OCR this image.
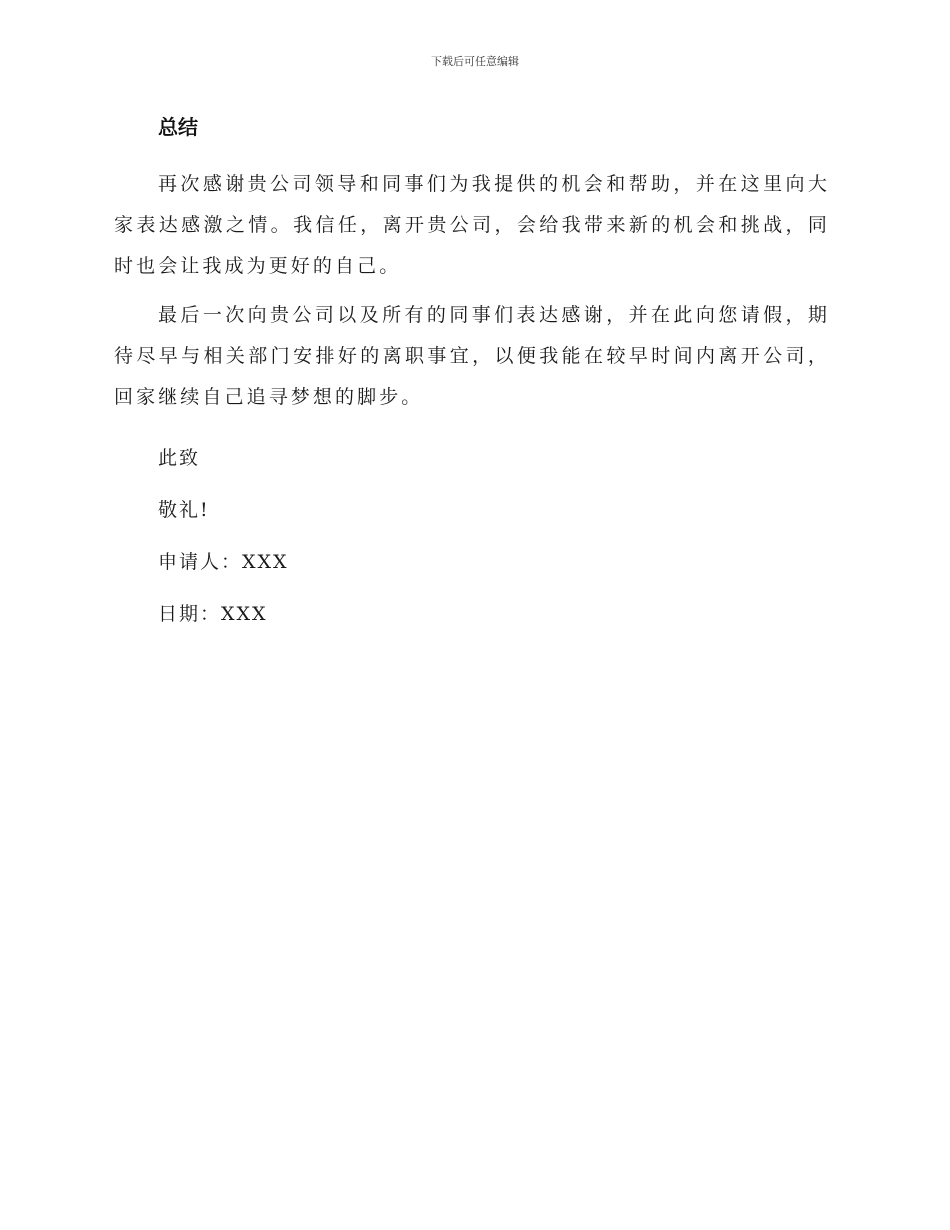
下载后可任意编辑
总结

再次感谢贵公司领导和同事们为我提供的机会和帮助，并在这里向大家表达感激之情。我信任，离开贵公司，会给我带来新的机会和挑战，同时也会让我成为更好的自己。

最后一次向贵公司以及所有的同事们表达感谢，并在此向您请假，期待尽早与相关部门安排好的离职事宜，以便我能在较早时间内离开公司，回家继续自己追寻梦想的脚步。

此致
敬礼!
申请人：XXX
日期：XXX
